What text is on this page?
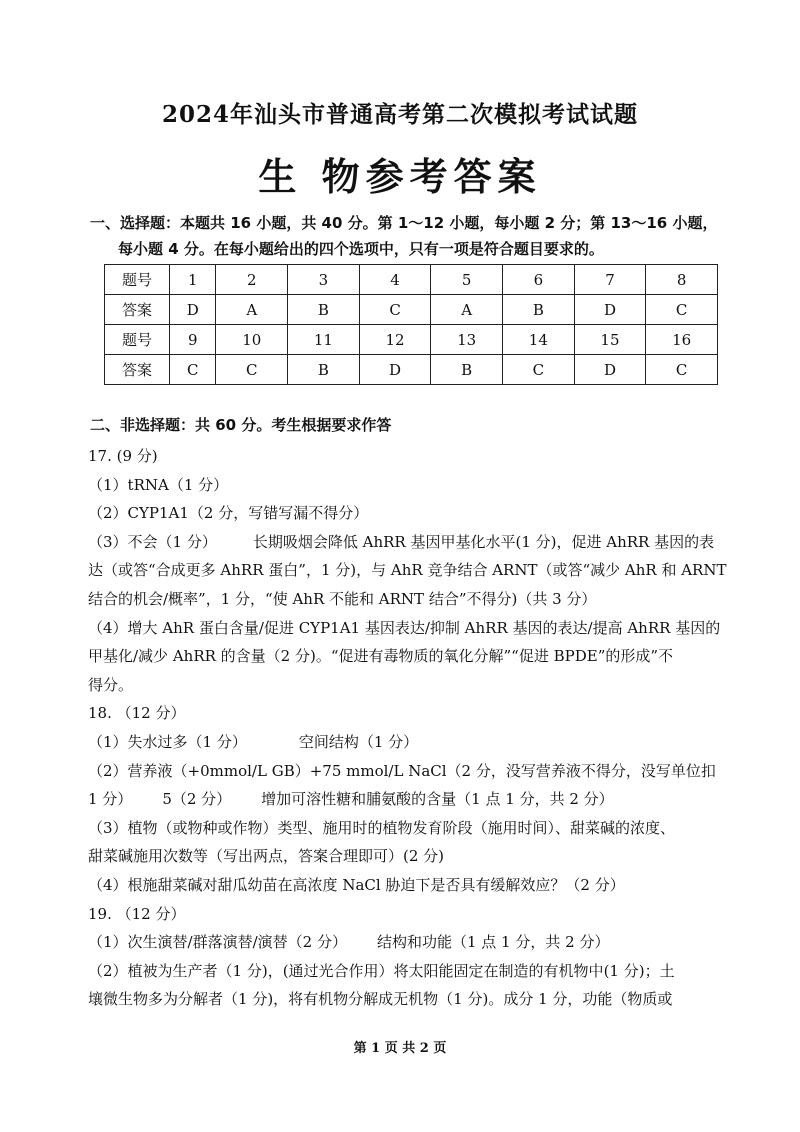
2024年汕头市普通高考第二次模拟考试试题
生 物参考答案
一、选择题：本题共 16 小题，共 40 分。第 1～12 小题，每小题 2 分；第 13～16 小题，
每小题 4 分。在每小题给出的四个选项中，只有一项是符合题目要求的。
题号	1	2	3	4	5	6	7	8
答案	D	A	B	C	A	B	D	C
题号	9	10	11	12	13	14	15	16
答案	C	C	B	D	B	C	D	C
二、非选择题：共 60 分。考生根据要求作答

17. (9 分)

（1）tRNA（1 分）

（2）CYP1A1（2 分，写错写漏不得分）

（3）不会（1 分） 长期吸烟会降低 AhRR 基因甲基化水平(1 分)，促进 AhRR 基因的表

达（或答“合成更多 AhRR 蛋白”，1 分)，与 AhR 竞争结合 ARNT（或答“减少 AhR 和 ARNT

结合的机会/概率”，1 分，“使 AhR 不能和 ARNT 结合”不得分)（共 3 分）

（4）增大 AhR 蛋白含量/促进 CYP1A1 基因表达/抑制 AhRR 基因的表达/提高 AhRR 基因的

甲基化/减少 AhRR 的含量（2 分)。“促进有毒物质的氧化分解”“促进 BPDE”的形成”不

得分。

18. （12 分）

（1）失水过多（1 分）	空间结构（1 分）

（2）营养液（+0mmol/L GB）+75 mmol/L NaCl（2 分，没写营养液不得分，没写单位扣

1 分） 5（2 分） 增加可溶性糖和脯氨酸的含量（1 点 1 分，共 2 分）

（3）植物（或物种或作物）类型、施用时的植物发育阶段（施用时间）、甜菜碱的浓度、

甜菜碱施用次数等（写出两点，答案合理即可）(2 分)

（4）根施甜菜碱对甜瓜幼苗在高浓度 NaCl 胁迫下是否具有缓解效应？（2 分）

19. （12 分）

（1）次生演替/群落演替/演替（2 分） 结构和功能（1 点 1 分，共 2 分）

（2）植被为生产者（1 分)，(通过光合作用）将太阳能固定在制造的有机物中(1 分)；土

壤微生物多为分解者（1 分)，将有机物分解成无机物（1 分)。成分 1 分，功能（物质或

第 1 页 共 2 页
